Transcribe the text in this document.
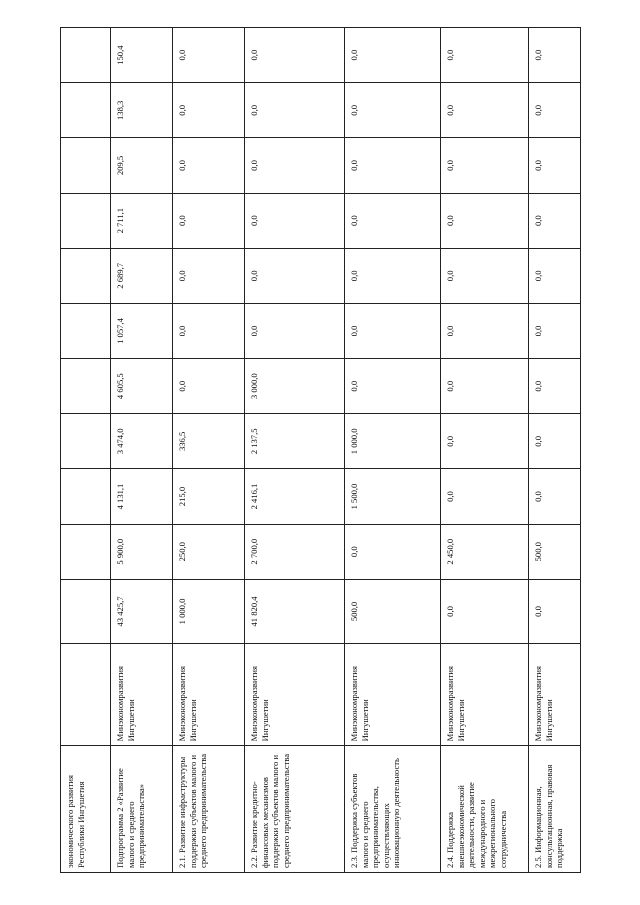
экономического развития Республики Ингушетия												
Подпрограмма 2 «Развитие малого и среднего предпринимательства»	Минэкономразвития Ингушетии	43 425,7	5 900,0	4 131,1	3 474,0	4 605,5	1 057,4	2 689,7	2 711,1	209,5	138,3	150,4
2.1. Развитие инфраструктуры поддержки субъектов малого и среднего предпринимательства	Минэкономразвития Ингушетии	1 000,0	250,0	215,0	336,5	0,0	0,0	0,0	0,0	0,0	0,0	0,0
2.2. Развитие кредитно-финансовых механизмов поддержки субъектов малого и среднего предпринимательства	Минэкономразвития Ингушетии	41 820,4	2 700,0	2 416,1	2 137,5	3 000,0	0,0	0,0	0,0	0,0	0,0	0,0
2.3. Поддержка субъектов малого и среднего предпринимательства, осуществляющих инновационную деятельность	Минэкономразвития Ингушетии	500,0	0,0	1 500,0	1 000,0	0,0	0,0	0,0	0,0	0,0	0,0	0,0
2.4. Поддержка внешнеэкономической деятельности, развитие международного и межрегионального сотрудничества	Минэкономразвития Ингушетии	0,0	2 450,0	0,0	0,0	0,0	0,0	0,0	0,0	0,0	0,0	0,0
2.5. Информационная, консультационная, правовая поддержка	Минэкономразвития Ингушетии	0,0	500,0	0,0	0,0	0,0	0,0	0,0	0,0	0,0	0,0	0,0
